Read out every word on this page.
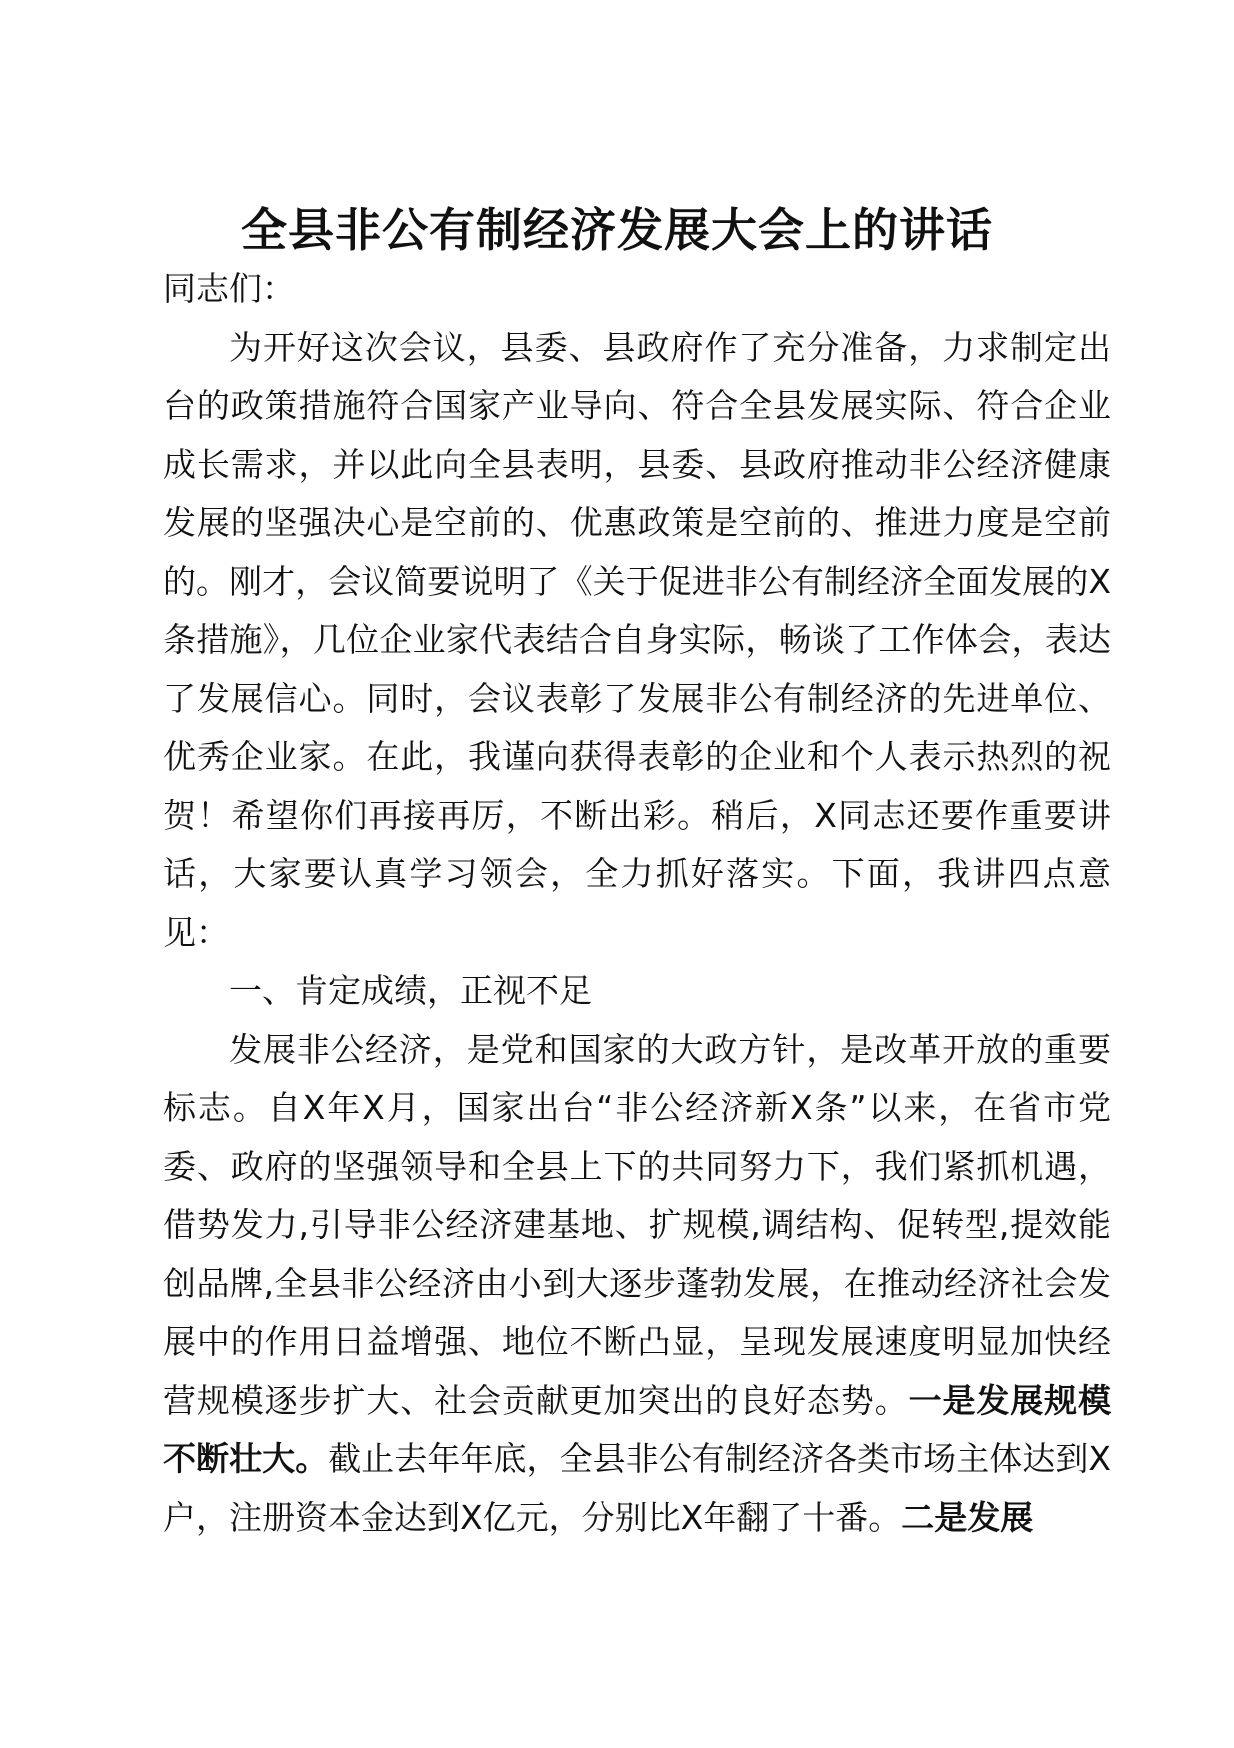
全县非公有制经济发展大会上的讲话

同志们：

为开好这次会议，县委、县政府作了充分准备，力求制定出台的政策措施符合国家产业导向、符合全县发展实际、符合企业成长需求，并以此向全县表明，县委、县政府推动非公经济健康发展的坚强决心是空前的、优惠政策是空前的、推进力度是空前的。刚才，会议简要说明了《关于促进非公有制经济全面发展的X条措施》，几位企业家代表结合自身实际，畅谈了工作体会，表达了发展信心。同时，会议表彰了发展非公有制经济的先进单位、优秀企业家。在此，我谨向获得表彰的企业和个人表示热烈的祝贺！希望你们再接再厉，不断出彩。稍后，X同志还要作重要讲话，大家要认真学习领会，全力抓好落实。下面，我讲四点意见：

一、肯定成绩，正视不足

发展非公经济，是党和国家的大政方针，是改革开放的重要标志。自X年X月，国家出台“非公经济新X条”以来，在省市党委、政府的坚强领导和全县上下的共同努力下，我们紧抓机遇，借势发力,引导非公经济建基地、扩规模,调结构、促转型,提效能创品牌,全县非公经济由小到大逐步蓬勃发展，在推动经济社会发展中的作用日益增强、地位不断凸显，呈现发展速度明显加快经营规模逐步扩大、社会贡献更加突出的良好态势。一是发展规模不断壮大。截止去年年底，全县非公有制经济各类市场主体达到X户，注册资本金达到X亿元，分别比X年翻了十番。二是发展
